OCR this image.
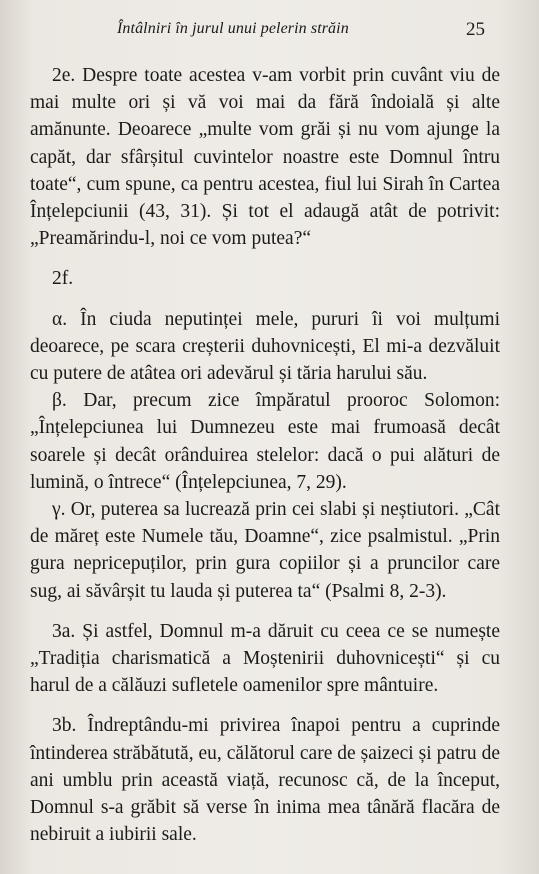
Întâlniri în jurul unui pelerin străin	25

2e. Despre toate acestea v-am vorbit prin cuvânt viu de mai multe ori și vă voi mai da fără îndoială și alte amănunte. Deoarece „multe vom grăi și nu vom ajunge la capăt, dar sfârșitul cuvintelor noastre este Domnul întru toate“, cum spune, ca pentru acestea, fiul lui Sirah în Cartea Înțelepciunii (43, 31). Și tot el adaugă atât de potrivit: „Preamărindu-l, noi ce vom putea?“

2f.

α. În ciuda neputinței mele, pururi îi voi mulțumi deoarece, pe scara creșterii duhovnicești, El mi-a dezvăluit cu putere de atâtea ori adevărul și tăria harului său.

β. Dar, precum zice împăratul prooroc Solomon: „Înțelepciunea lui Dumnezeu este mai frumoasă decât soarele și decât orânduirea stelelor: dacă o pui alături de lumină, o întrece“ (Înțelepciunea, 7, 29).

γ. Or, puterea sa lucrează prin cei slabi și neștiutori. „Cât de măreț este Numele tău, Doamne“, zice psalmistul. „Prin gura nepricepuților, prin gura copiilor și a pruncilor care sug, ai săvârșit tu lauda și puterea ta“ (Psalmi 8, 2-3).

3a. Și astfel, Domnul m-a dăruit cu ceea ce se numește „Tradiția charismatică a Moștenirii duhovnicești“ și cu harul de a călăuzi sufletele oamenilor spre mântuire.

3b. Îndreptându-mi privirea înapoi pentru a cuprinde întinderea străbătută, eu, călătorul care de șaizeci și patru de ani umblu prin această viață, recunosc că, de la început, Domnul s-a grăbit să verse în inima mea tânără flacăra de nebiruit a iubirii sale.
